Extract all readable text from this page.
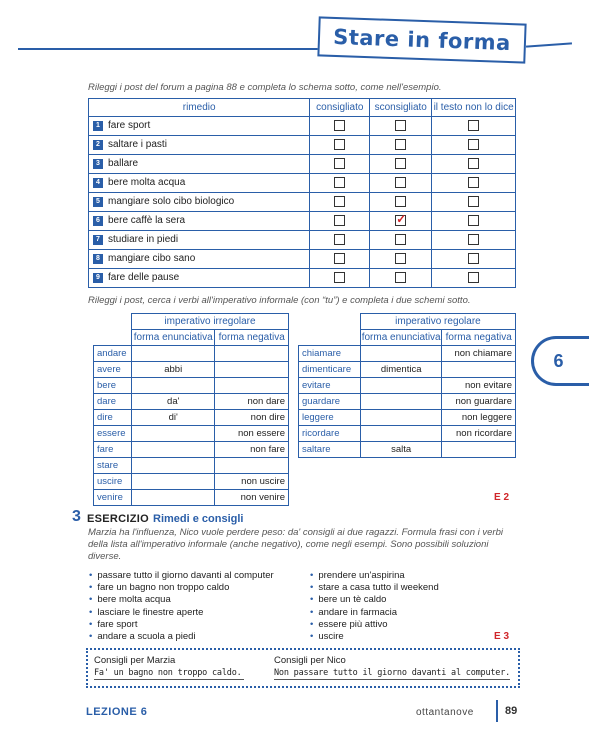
Stare in forma
Rileggi i post del forum a pagina 88 e completa lo schema sotto, come nell'esempio.
rimedio	consigliato	sconsigliato	il testo non lo dice
1 fare sport			
2 saltare i pasti			
3 ballare			
4 bere molta acqua			
5 mangiare solo cibo biologico			
6 bere caffè la sera		✓	
7 studiare in piedi			
8 mangiare cibo sano			
9 fare delle pause			
Rileggi i post, cerca i verbi all'imperativo informale (con “tu”) e completa i due schemi sotto.
	imperativo irregolare	
	forma enunciativa	forma negativa
andare		
avere	abbi	
bere		
dare	da'	non dare
dire	di'	non dire
essere		non essere
fare		non fare
stare		
uscire		non uscire
venire		non venire
	imperativo regolare	
	forma enunciativa	forma negativa
chiamare		non chiamare
dimenticare	dimentica	
evitare		non evitare
guardare		non guardare
leggere		non leggere
ricordare		non ricordare
saltare	salta	
6
E 2
E 3
3 ESERCIZIO Rimedi e consigli
Marzia ha l'influenza, Nico vuole perdere peso: da' consigli ai due ragazzi. Formula frasi con i verbi della lista all'imperativo informale (anche negativo), come negli esempi. Sono possibili soluzioni diverse.
• passare tutto il giorno davanti al computer
• fare un bagno non troppo caldo
• bere molta acqua
• lasciare le finestre aperte
• fare sport
• andare a scuola a piedi
• prendere un'aspirina
• stare a casa tutto il weekend
• bere un tè caldo
• andare in farmacia
• essere più attivo
• uscire
Consigli per Marzia
Fa' un bagno non troppo caldo.
Consigli per Nico
Non passare tutto il giorno davanti al computer.
LEZIONE 6	ottantanove	89
